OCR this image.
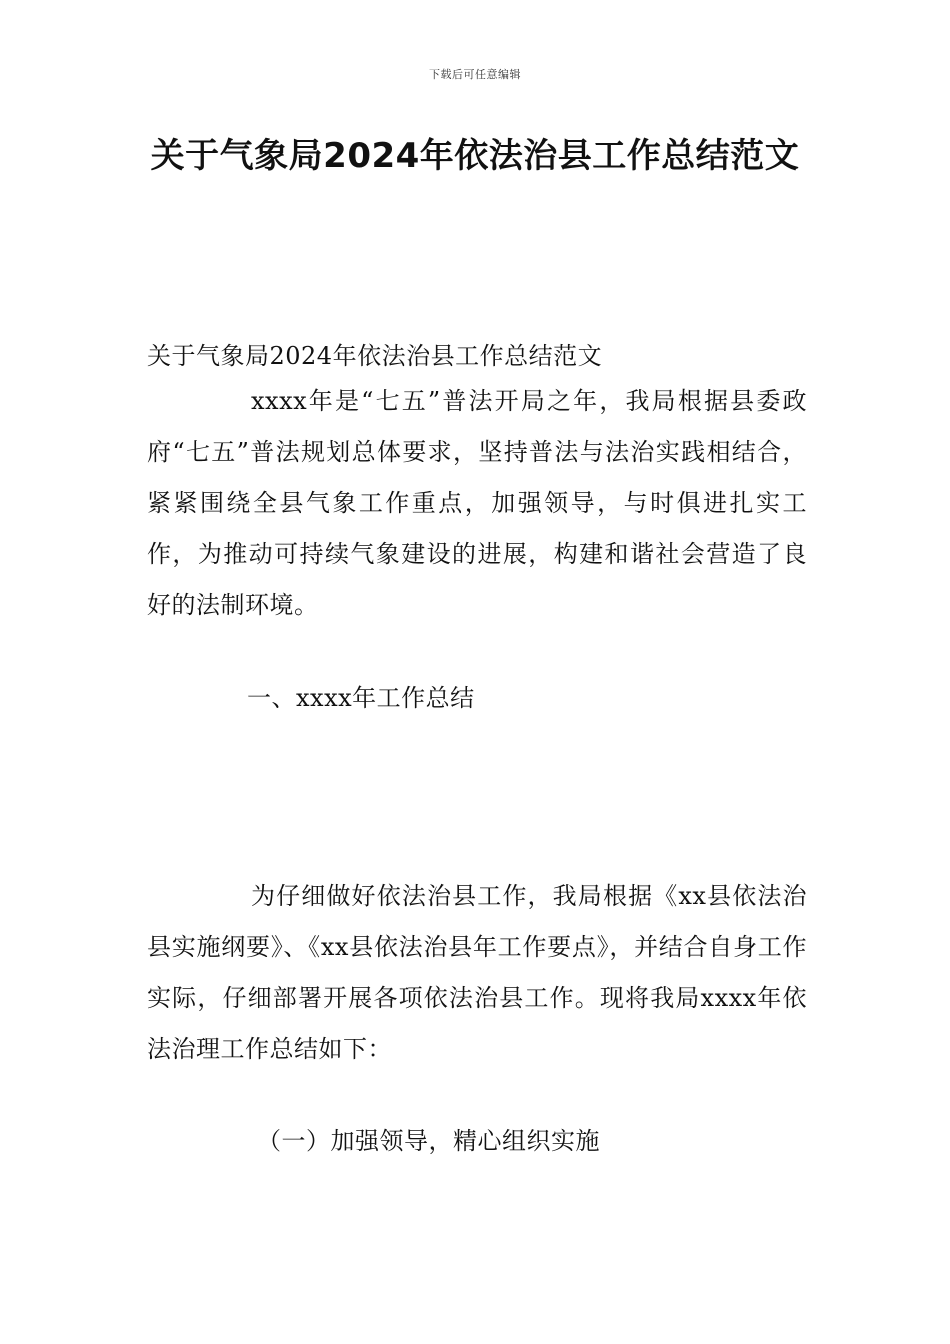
下载后可任意编辑
关于气象局2024年依法治县工作总结范文

关于气象局2024年依法治县工作总结范文

xxxx年是“七五”普法开局之年，我局根据县委政府“七五”普法规划总体要求，坚持普法与法治实践相结合，紧紧围绕全县气象工作重点，加强领导，与时俱进扎实工作，为推动可持续气象建设的进展，构建和谐社会营造了良好的法制环境。

一、xxxx年工作总结

为仔细做好依法治县工作，我局根据《xx县依法治县实施纲要》、《xx县依法治县年工作要点》，并结合自身工作实际，仔细部署开展各项依法治县工作。现将我局xxxx年依法治理工作总结如下：

（一）加强领导，精心组织实施
